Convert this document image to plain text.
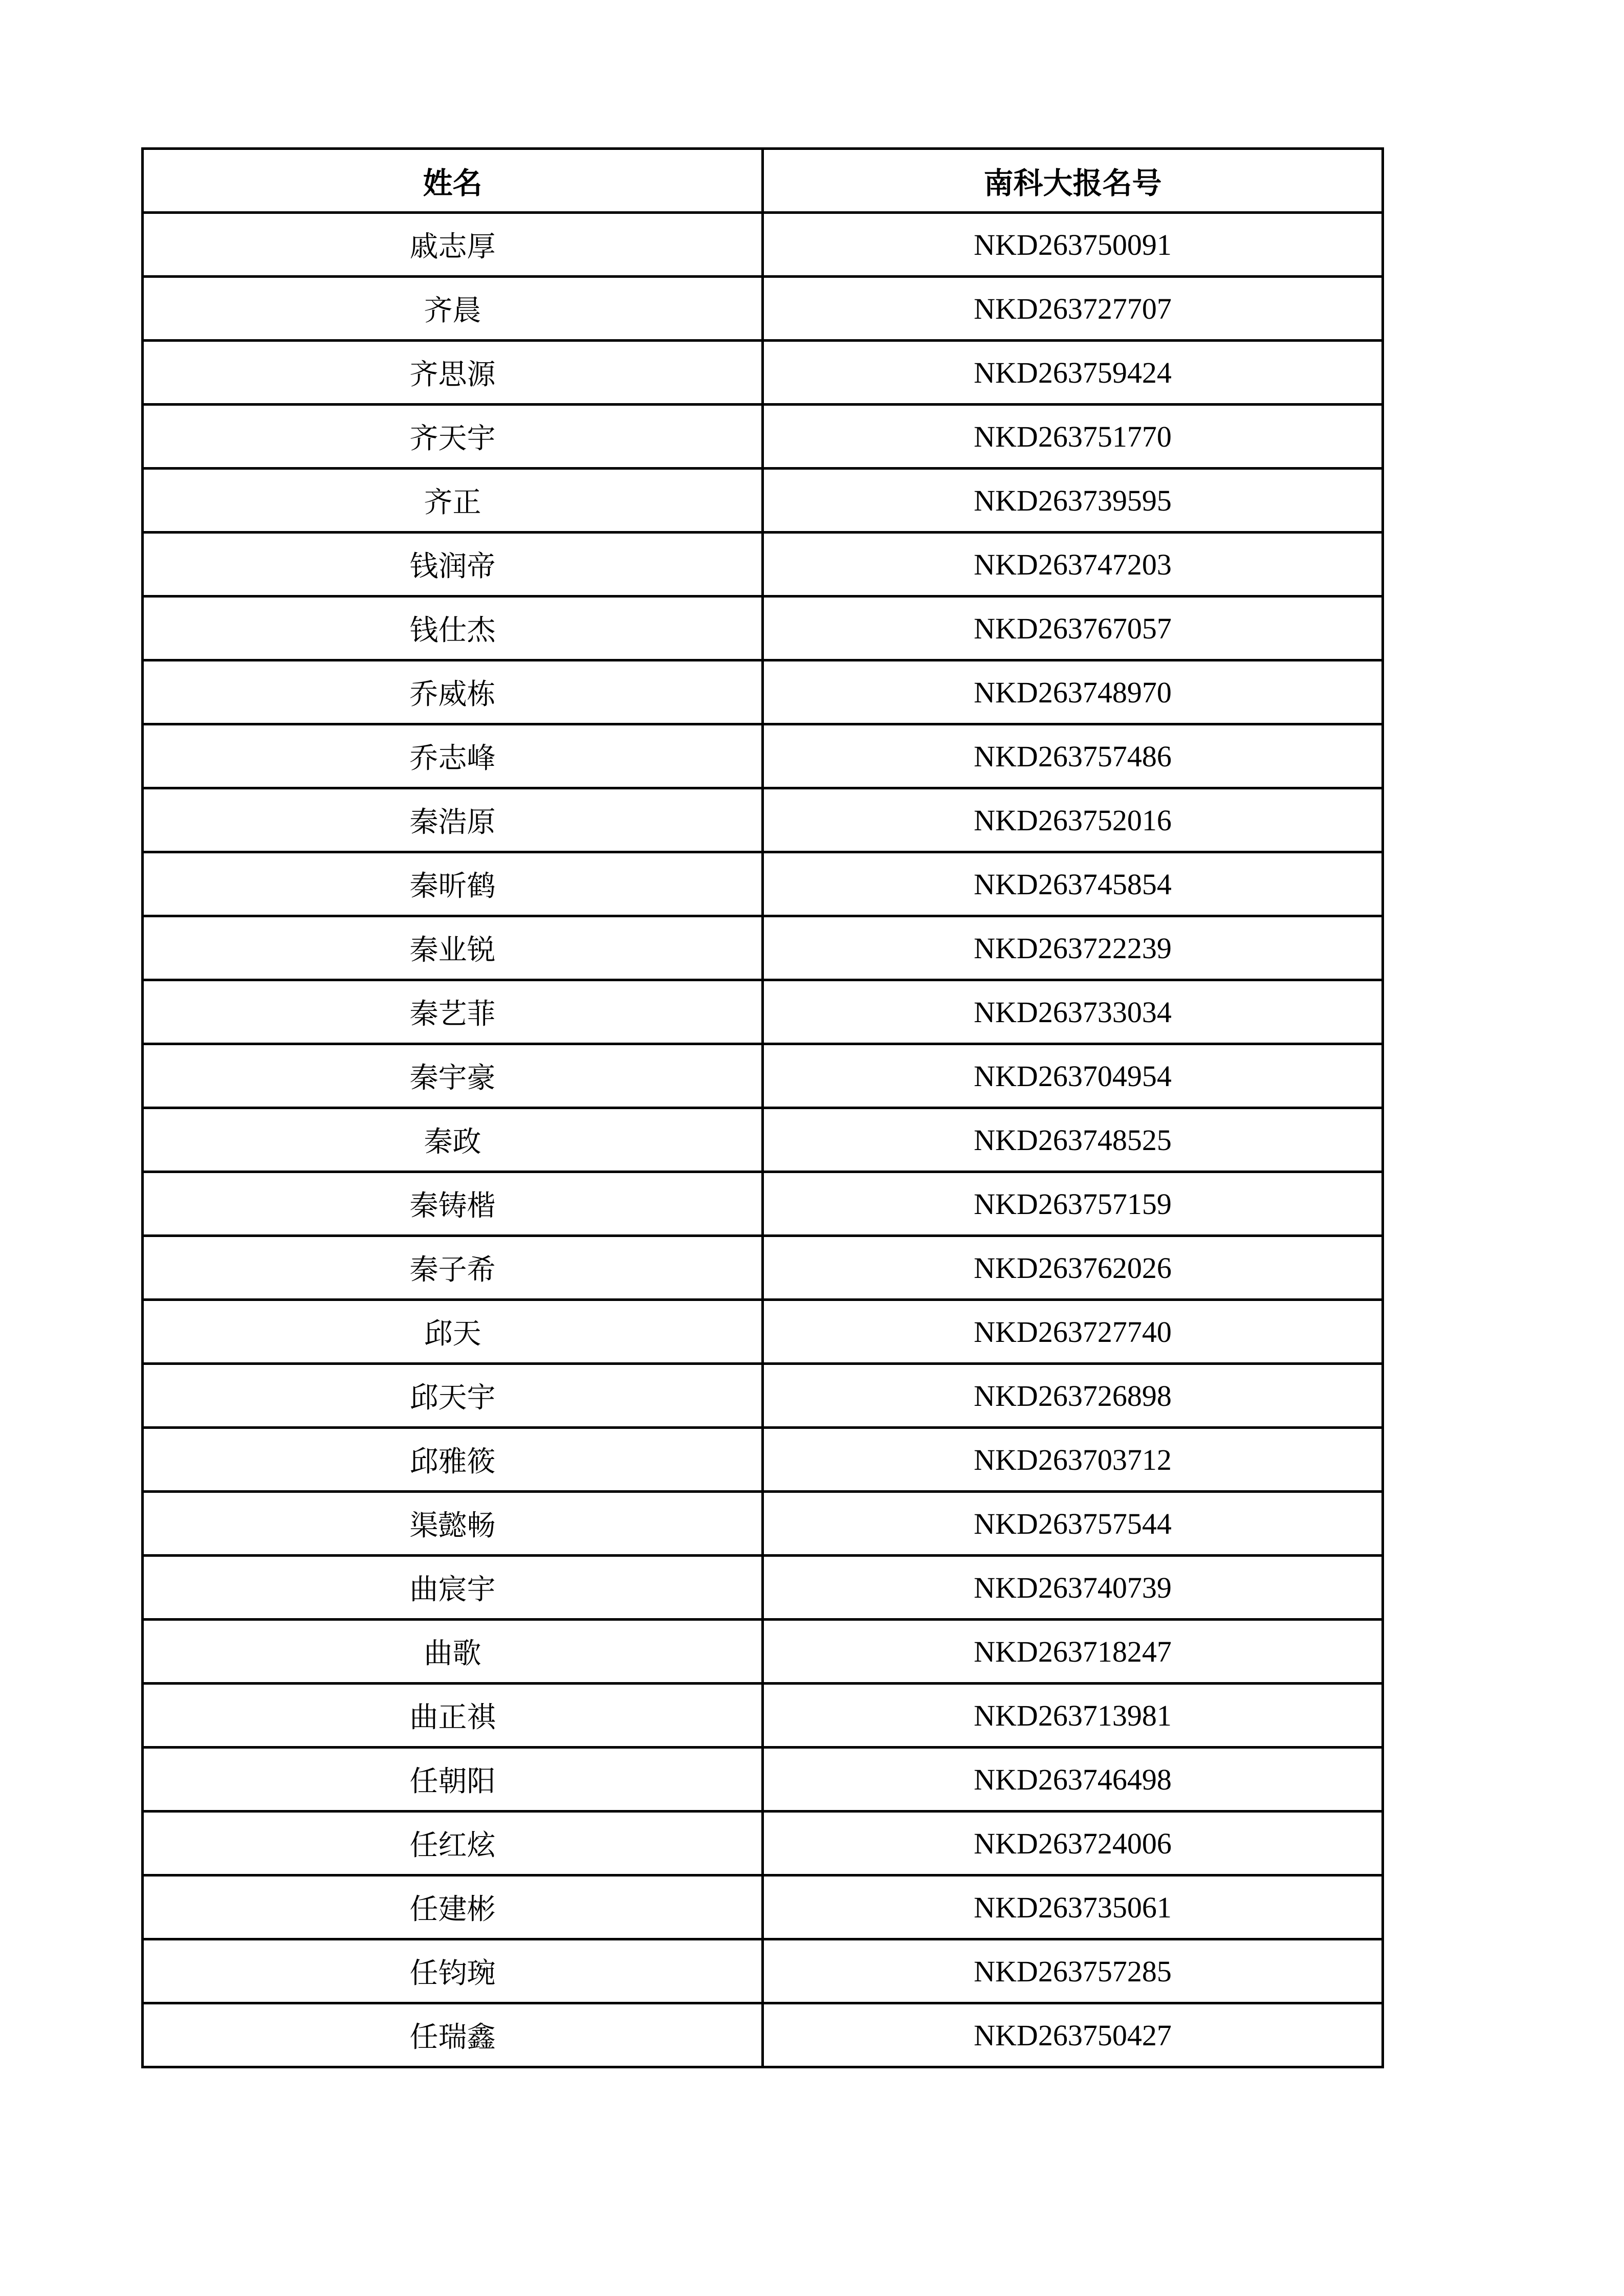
姓名	南科大报名号
戚志厚	NKD263750091
齐晨	NKD263727707
齐思源	NKD263759424
齐天宇	NKD263751770
齐正	NKD263739595
钱润帝	NKD263747203
钱仕杰	NKD263767057
乔威栋	NKD263748970
乔志峰	NKD263757486
秦浩原	NKD263752016
秦昕鹤	NKD263745854
秦业锐	NKD263722239
秦艺菲	NKD263733034
秦宇豪	NKD263704954
秦政	NKD263748525
秦铸楷	NKD263757159
秦子希	NKD263762026
邱天	NKD263727740
邱天宇	NKD263726898
邱雅筱	NKD263703712
渠懿畅	NKD263757544
曲宸宇	NKD263740739
曲歌	NKD263718247
曲正祺	NKD263713981
任朝阳	NKD263746498
任红炫	NKD263724006
任建彬	NKD263735061
任钧琬	NKD263757285
任瑞鑫	NKD263750427
